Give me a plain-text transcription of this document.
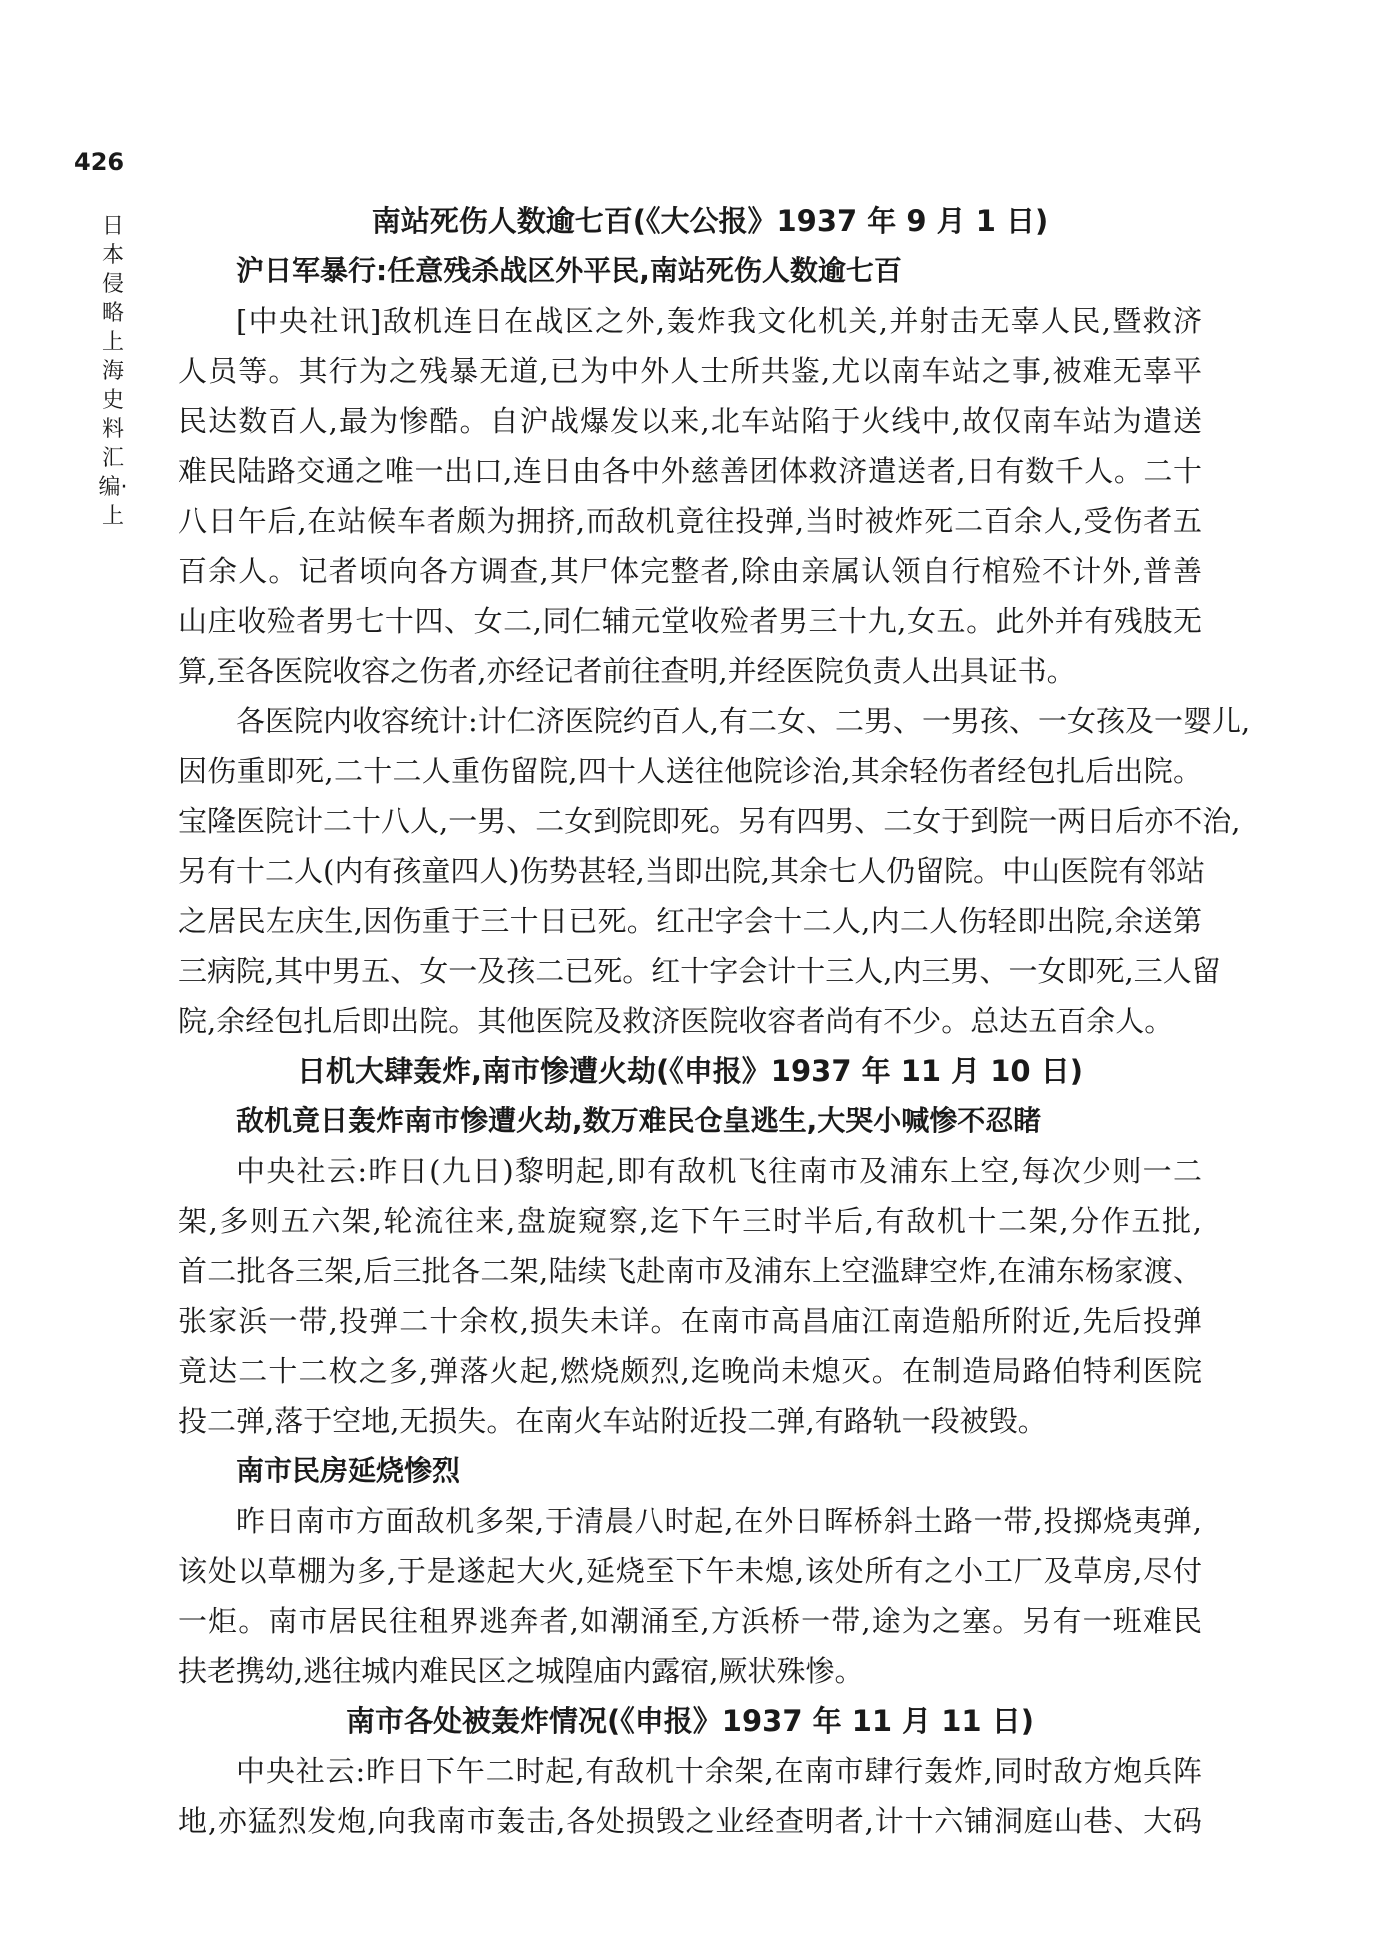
426
日本侵略上海史料汇编·上
南站死伤人数逾七百(《大公报》1937 年 9 月 1 日)
沪日军暴行:任意残杀战区外平民,南站死伤人数逾七百
[中央社讯]敌机连日在战区之外,轰炸我文化机关,并射击无辜人民,暨救济
人员等。其行为之残暴无道,已为中外人士所共鉴,尤以南车站之事,被难无辜平
民达数百人,最为惨酷。自沪战爆发以来,北车站陷于火线中,故仅南车站为遣送
难民陆路交通之唯一出口,连日由各中外慈善团体救济遣送者,日有数千人。二十
八日午后,在站候车者颇为拥挤,而敌机竟往投弹,当时被炸死二百余人,受伤者五
百余人。记者顷向各方调查,其尸体完整者,除由亲属认领自行棺殓不计外,普善
山庄收殓者男七十四、女二,同仁辅元堂收殓者男三十九,女五。此外并有残肢无
算,至各医院收容之伤者,亦经记者前往查明,并经医院负责人出具证书。
各医院内收容统计:计仁济医院约百人,有二女、二男、一男孩、一女孩及一婴儿,
因伤重即死,二十二人重伤留院,四十人送往他院诊治,其余轻伤者经包扎后出院。
宝隆医院计二十八人,一男、二女到院即死。另有四男、二女于到院一两日后亦不治,
另有十二人(内有孩童四人)伤势甚轻,当即出院,其余七人仍留院。中山医院有邻站
之居民左庆生,因伤重于三十日已死。红卍字会十二人,内二人伤轻即出院,余送第
三病院,其中男五、女一及孩二已死。红十字会计十三人,内三男、一女即死,三人留
院,余经包扎后即出院。其他医院及救济医院收容者尚有不少。总达五百余人。
日机大肆轰炸,南市惨遭火劫(《申报》1937 年 11 月 10 日)
敌机竟日轰炸南市惨遭火劫,数万难民仓皇逃生,大哭小喊惨不忍睹
中央社云:昨日(九日)黎明起,即有敌机飞往南市及浦东上空,每次少则一二
架,多则五六架,轮流往来,盘旋窥察,迄下午三时半后,有敌机十二架,分作五批,
首二批各三架,后三批各二架,陆续飞赴南市及浦东上空滥肆空炸,在浦东杨家渡、
张家浜一带,投弹二十余枚,损失未详。在南市高昌庙江南造船所附近,先后投弹
竟达二十二枚之多,弹落火起,燃烧颇烈,迄晚尚未熄灭。在制造局路伯特利医院
投二弹,落于空地,无损失。在南火车站附近投二弹,有路轨一段被毁。
南市民房延烧惨烈
昨日南市方面敌机多架,于清晨八时起,在外日晖桥斜土路一带,投掷烧夷弹,
该处以草棚为多,于是遂起大火,延烧至下午未熄,该处所有之小工厂及草房,尽付
一炬。南市居民往租界逃奔者,如潮涌至,方浜桥一带,途为之塞。另有一班难民
扶老携幼,逃往城内难民区之城隍庙内露宿,厥状殊惨。
南市各处被轰炸情况(《申报》1937 年 11 月 11 日)
中央社云:昨日下午二时起,有敌机十余架,在南市肆行轰炸,同时敌方炮兵阵
地,亦猛烈发炮,向我南市轰击,各处损毁之业经查明者,计十六铺洞庭山巷、大码
